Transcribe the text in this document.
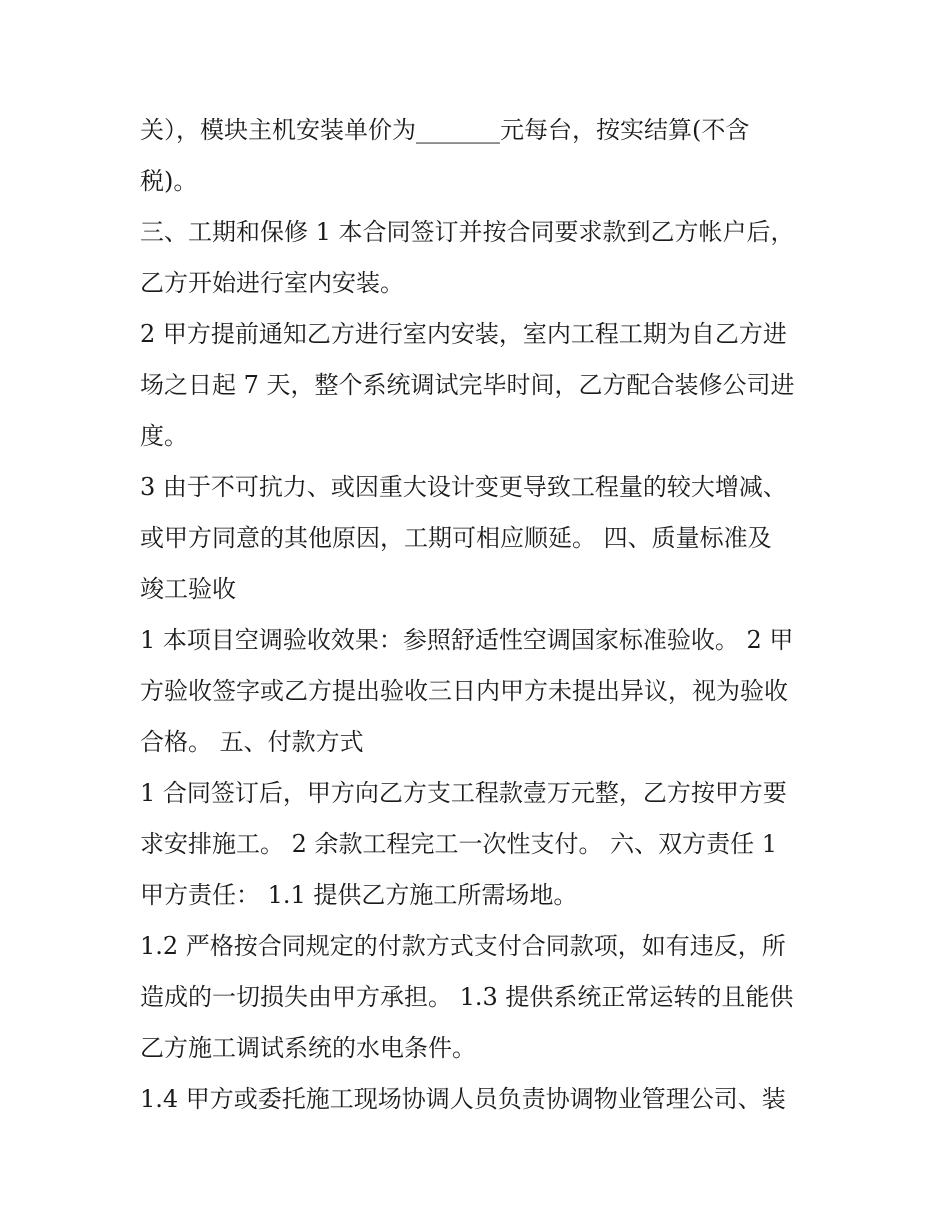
关），模块主机安装单价为_______元每台，按实结算(不含
税)。
三、工期和保修 1 本合同签订并按合同要求款到乙方帐户后，
乙方开始进行室内安装。
2 甲方提前通知乙方进行室内安装，室内工程工期为自乙方进
场之日起 7 天，整个系统调试完毕时间，乙方配合装修公司进
度。
3 由于不可抗力、或因重大设计变更导致工程量的较大增减、
或甲方同意的其他原因，工期可相应顺延。 四、质量标准及
竣工验收
1 本项目空调验收效果：参照舒适性空调国家标准验收。 2 甲
方验收签字或乙方提出验收三日内甲方未提出异议，视为验收
合格。 五、付款方式
1 合同签订后，甲方向乙方支工程款壹万元整，乙方按甲方要
求安排施工。 2 余款工程完工一次性支付。 六、双方责任 1
甲方责任： 1.1 提供乙方施工所需场地。
1.2 严格按合同规定的付款方式支付合同款项，如有违反，所
造成的一切损失由甲方承担。 1.3 提供系统正常运转的且能供
乙方施工调试系统的水电条件。
1.4 甲方或委托施工现场协调人员负责协调物业管理公司、装
